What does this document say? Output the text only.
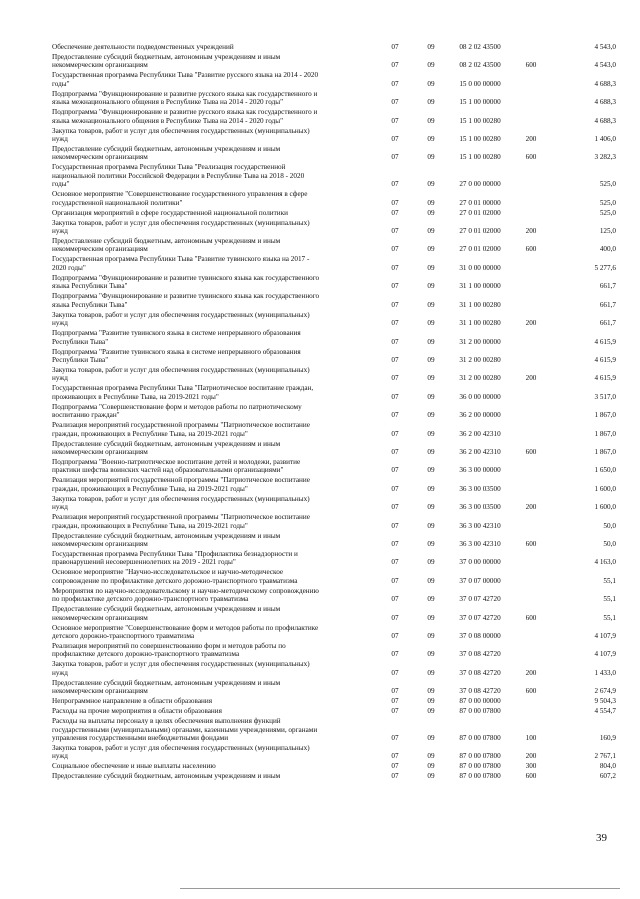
Обеспечение деятельности подведомственных учреждений	07	09	08 2 02 43500		4 543,0

Предоставление субсидий бюджетным, автономным учреждениям и иным
некоммерческим организациям	07	09	08 2 02 43500	600	4 543,0

Государственная программа Республики Тыва "Развитие русского языка на 2014 - 2020
годы"	07	09	15 0 00 00000		4 688,3

Подпрограмма "Функционирование и развитие русского языка как государственного и
языка межнационального общения в Республике Тыва на 2014 - 2020 годы"	07	09	15 1 00 00000		4 688,3

Подпрограмма "Функционирование и развитие русского языка как государственного и
языка межнационального общения в Республике Тыва на 2014 - 2020 годы"	07	09	15 1 00 00280		4 688,3

Закупка товаров, работ и услуг для обеспечения государственных (муниципальных)
нужд	07	09	15 1 00 00280	200	1 406,0

Предоставление субсидий бюджетным, автономным учреждениям и иным
некоммерческим организациям	07	09	15 1 00 00280	600	3 282,3

Государственная программа Республики Тыва "Реализация государственной
национальной политики Российской Федерации в Республике Тыва на 2018 - 2020
годы"	07	09	27 0 00 00000		525,0

Основное мероприятие "Совершенствование государственного управления в сфере
государственной национальной политики"	07	09	27 0 01 00000		525,0

Организация мероприятий в сфере государственной национальной политики	07	09	27 0 01 02000		525,0

Закупка товаров, работ и услуг для обеспечения государственных (муниципальных)
нужд	07	09	27 0 01 02000	200	125,0

Предоставление субсидий бюджетным, автономным учреждениям и иным
некоммерческим организациям	07	09	27 0 01 02000	600	400,0

Государственная программа Республики Тыва "Развитие тувинского языка на 2017 -
2020 годы"	07	09	31 0 00 00000		5 277,6

Подпрограмма "Функционирование и развитие тувинского языка как государственного
языка Республики Тыва"	07	09	31 1 00 00000		661,7

Подпрограмма "Функционирование и развитие тувинского языка как государственного
языка Республики Тыва"	07	09	31 1 00 00280		661,7

Закупка товаров, работ и услуг для обеспечения государственных (муниципальных)
нужд	07	09	31 1 00 00280	200	661,7

Подпрограмма "Развитие тувинского языка в системе непрерывного образования
Республики Тыва"	07	09	31 2 00 00000		4 615,9

Подпрограмма "Развитие тувинского языка в системе непрерывного образования
Республики Тыва"	07	09	31 2 00 00280		4 615,9

Закупка товаров, работ и услуг для обеспечения государственных (муниципальных)
нужд	07	09	31 2 00 00280	200	4 615,9

Государственная программа Республики Тыва "Патриотическое воспитание граждан,
проживающих в Республике Тыва, на 2019-2021 годы"	07	09	36 0 00 00000		3 517,0

Подпрограмма "Совершенствование форм и методов работы по патриотическому
воспитанию граждан"	07	09	36 2 00 00000		1 867,0

Реализация мероприятий государственной программы "Патриотическое воспитание
граждан, проживающих в Республике Тыва, на 2019-2021 годы"	07	09	36 2 00 42310		1 867,0

Предоставление субсидий бюджетным, автономным учреждениям и иным
некоммерческим организациям	07	09	36 2 00 42310	600	1 867,0

Подпрограмма "Военно-патриотическое воспитание детей и молодежи, развитие
практики шефства воинских частей над образовательными организациями"	07	09	36 3 00 00000		1 650,0

Реализация мероприятий государственной программы "Патриотическое воспитание
граждан, проживающих в Республике Тыва, на 2019-2021 годы"	07	09	36 3 00 03500		1 600,0

Закупка товаров, работ и услуг для обеспечения государственных (муниципальных)
нужд	07	09	36 3 00 03500	200	1 600,0

Реализация мероприятий государственной программы "Патриотическое воспитание
граждан, проживающих в Республике Тыва, на 2019-2021 годы"	07	09	36 3 00 42310		50,0

Предоставление субсидий бюджетным, автономным учреждениям и иным
некоммерческим организациям	07	09	36 3 00 42310	600	50,0

Государственная программа Республики Тыва "Профилактика безнадзорности и
правонарушений несовершеннолетних на 2019 - 2021 годы"	07	09	37 0 00 00000		4 163,0

Основное мероприятие "Научно-исследовательское и научно-методическое
сопровождение по профилактике детского дорожно-транспортного травматизма	07	09	37 0 07 00000		55,1

Мероприятия по научно-исследовательскому и научно-методическому сопровождению
по профилактике детского дорожно-транспортного травматизма	07	09	37 0 07 42720		55,1

Предоставление субсидий бюджетным, автономным учреждениям и иным
некоммерческим организациям	07	09	37 0 07 42720	600	55,1

Основное мероприятие "Совершенствование форм и методов работы по профилактике
детского дорожно-транспортного травматизма	07	09	37 0 08 00000		4 107,9

Реализация мероприятий по совершенствованию форм и методов работы по
профилактике детского дорожно-транспортного травматизма	07	09	37 0 08 42720		4 107,9

Закупка товаров, работ и услуг для обеспечения государственных (муниципальных)
нужд	07	09	37 0 08 42720	200	1 433,0

Предоставление субсидий бюджетным, автономным учреждениям и иным
некоммерческим организациям	07	09	37 0 08 42720	600	2 674,9

Непрограммное направление в области образования	07	09	87 0 00 00000		9 504,3

Расходы на прочие мероприятия в области образования	07	09	87 0 00 07800		4 554,7

Расходы на выплаты персоналу в целях обеспечения выполнения функций
государственными (муниципальными) органами, казенными учреждениями, органами
управления государственными внебюджетными фондами	07	09	87 0 00 07800	100	160,9

Закупка товаров, работ и услуг для обеспечения государственных (муниципальных)
нужд	07	09	87 0 00 07800	200	2 767,1

Социальное обеспечение и иные выплаты населению	07	09	87 0 00 07800	300	804,0

Предоставление субсидий бюджетным, автономным учреждениям и иным	07	09	87 0 00 07800	600	607,2
39
